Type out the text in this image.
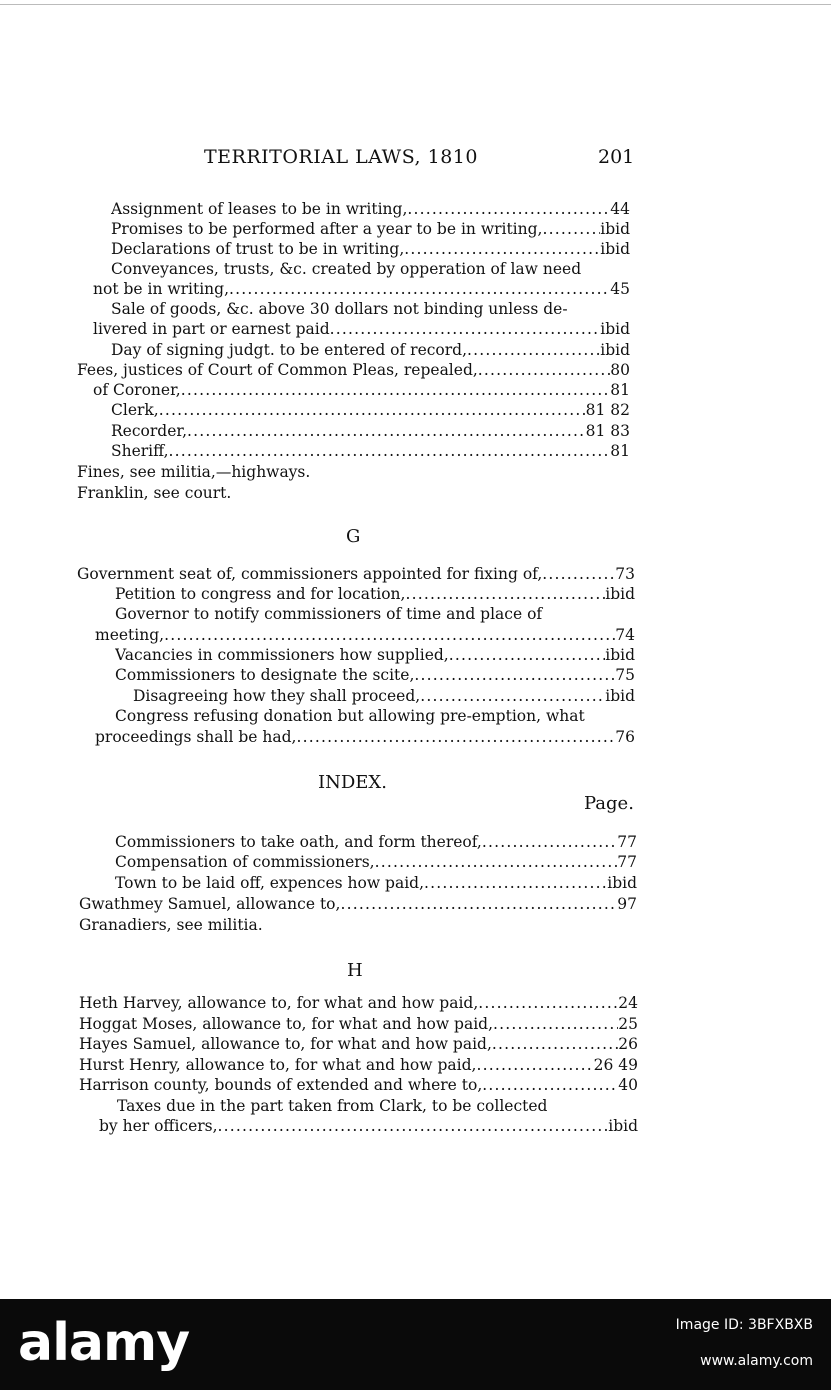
TERRITORIAL LAWS, 1810	201
Assignment of leases to be in writing, .....	44
Promises to be performed after a year to be in writing, .....	ibid
Declarations of trust to be in writing, .....	ibid
Conveyances, trusts, &c. created by opperation of law need
not be in writing, .....	45
Sale of goods, &c. above 30 dollars not binding unless de-
livered in part or earnest paid .....	ibid
Day of signing judgt. to be entered of record, .....	ibid
Fees, justices of Court of Common Pleas, repealed, .....	80
of Coroner, .....	81
Clerk, .....	81 82
Recorder, .....	81 83
Sheriff, .....	81
Fines, see militia,—highways.
Franklin, see court.
G
Government seat of, commissioners appointed for fixing of, .....	73
Petition to congress and for location, .....	ibid
Governor to notify commissioners of time and place of
meeting, .....	74
Vacancies in commissioners how supplied, .....	ibid
Commissioners to designate the scite, .....	75
Disagreeing how they shall proceed, .....	ibid
Congress refusing donation but allowing pre-emption, what
proceedings shall be had, .....	76
INDEX.
Page.
Commissioners to take oath, and form thereof, .....	77
Compensation of commissioners, .....	77
Town to be laid off, expences how paid, .....	ibid
Gwathmey Samuel, allowance to, .....	97
Granadiers, see militia.
H
Heth Harvey, allowance to, for what and how paid, .....	24
Hoggat Moses, allowance to, for what and how paid, .....	25
Hayes Samuel, allowance to, for what and how paid, .....	26
Hurst Henry, allowance to, for what and how paid, .....	26 49
Harrison county, bounds of extended and where to, .....	40
Taxes due in the part taken from Clark, to be collected
by her officers, .....	ibid
alamy	Image ID: 3BFXBXB
www.alamy.com
